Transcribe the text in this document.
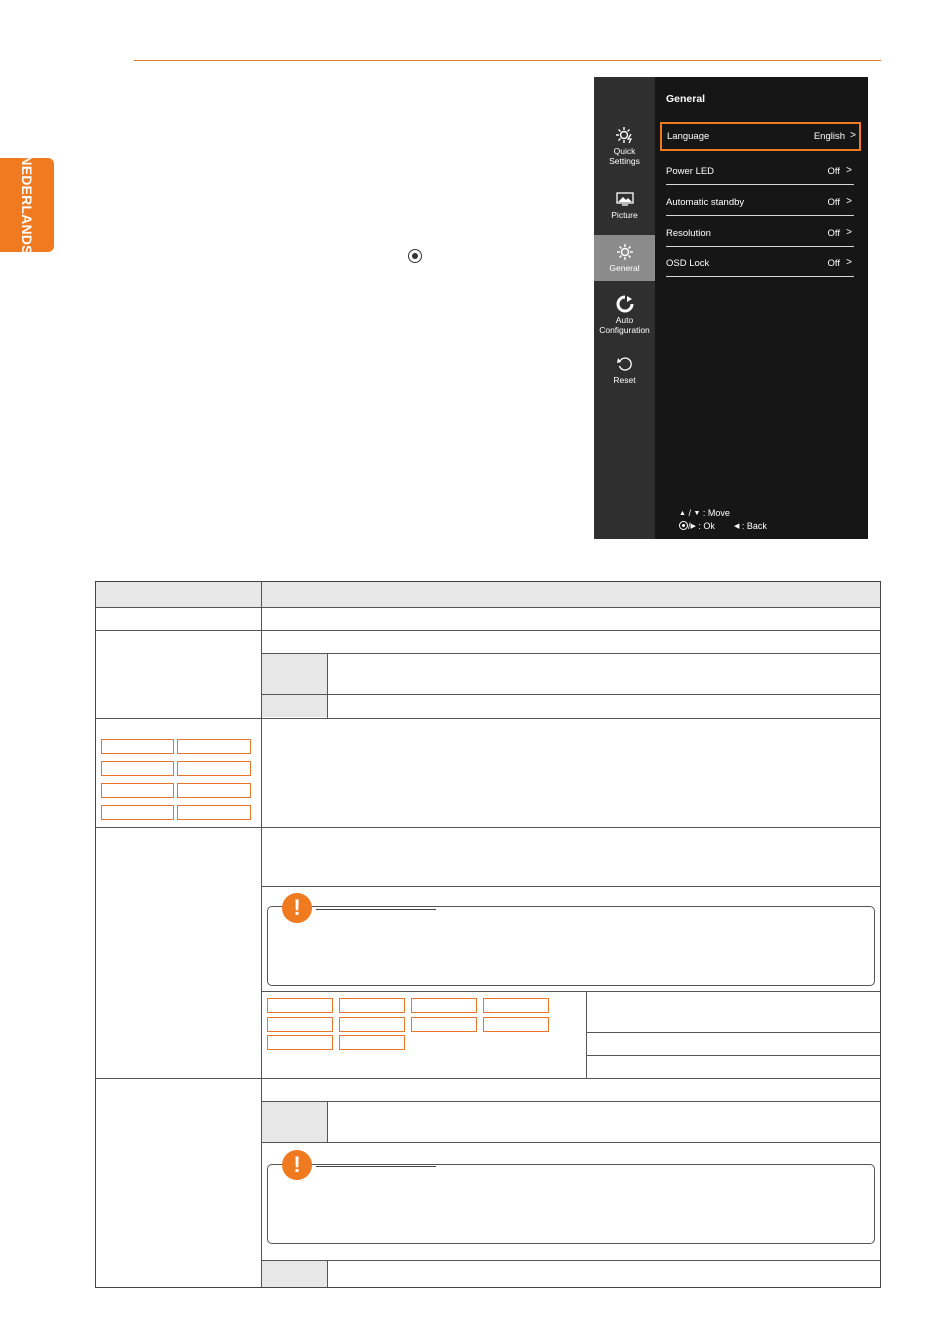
NEDERLANDS
Quick
Settings
Picture
General
Auto
Configuration
Reset
General
Language	English >
Power LED	Off >
Automatic standby	Off >
Resolution	Off >
OSD Lock	Off >
▲ / ▼ : Move
/▶ : Ok	◀ : Back
!
!
